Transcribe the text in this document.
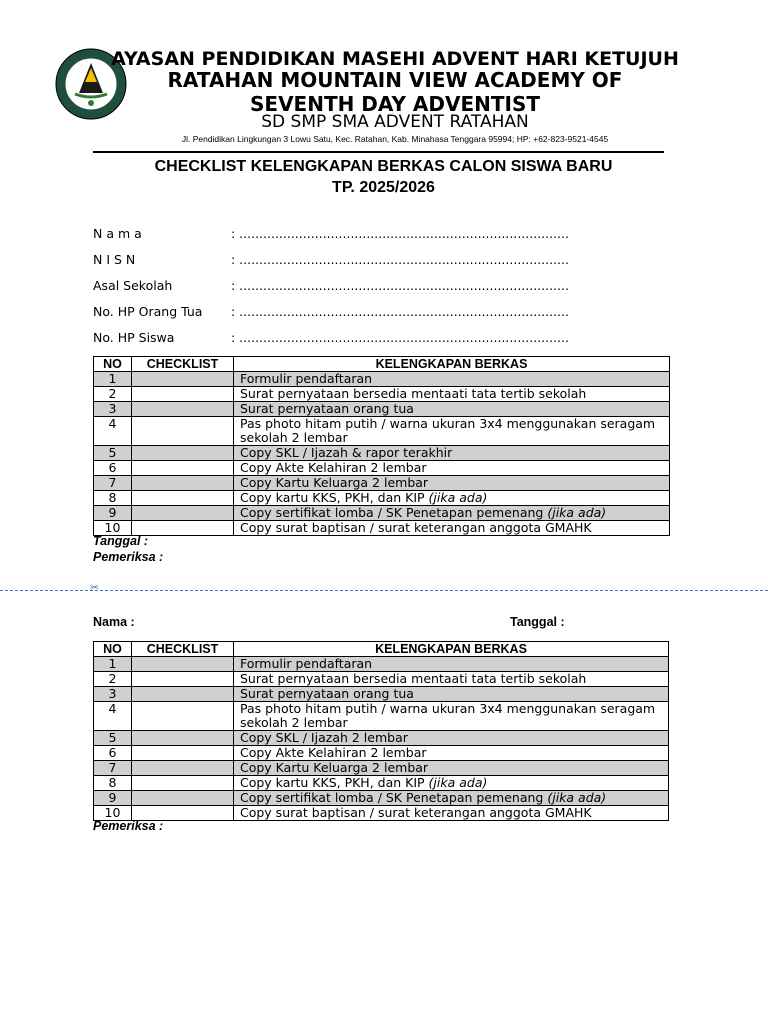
AYASAN PENDIDIKAN MASEHI ADVENT HARI KETUJUH
RATAHAN MOUNTAIN VIEW ACADEMY OF
SEVENTH DAY ADVENTIST
SD SMP SMA ADVENT RATAHAN
Jl. Pendidikan Lingkungan 3 Lowu Satu, Kec. Ratahan, Kab. Minahasa Tenggara 95994; HP: +62-823-9521-4545
CHECKLIST KELENGKAPAN BERKAS CALON SISWA BARU
TP. 2025/2026
N a m a	: ...................................................................................
N I S N	: ...................................................................................
Asal Sekolah	: ...................................................................................
No. HP Orang Tua	: ...................................................................................
No. HP Siswa	: ...................................................................................
NO	CHECKLIST	KELENGKAPAN BERKAS
1		Formulir pendaftaran
2		Surat pernyataan bersedia mentaati tata tertib sekolah
3		Surat pernyataan orang tua
4		Pas photo hitam putih / warna ukuran 3x4 menggunakan seragam sekolah 2 lembar
5		Copy SKL / Ijazah & rapor terakhir
6		Copy Akte Kelahiran 2 lembar
7		Copy Kartu Keluarga 2 lembar
8		Copy kartu KKS, PKH, dan KIP (jika ada)
9		Copy sertifikat lomba / SK Penetapan pemenang (jika ada)
10		Copy surat baptisan / surat keterangan anggota GMAHK
Tanggal :
Pemeriksa :
✂
Nama :	Tanggal :
NO	CHECKLIST	KELENGKAPAN BERKAS
1		Formulir pendaftaran
2		Surat pernyataan bersedia mentaati tata tertib sekolah
3		Surat pernyataan orang tua
4		Pas photo hitam putih / warna ukuran 3x4 menggunakan seragam sekolah 2 lembar
5		Copy SKL / Ijazah 2 lembar
6		Copy Akte Kelahiran 2 lembar
7		Copy Kartu Keluarga 2 lembar
8		Copy kartu KKS, PKH, dan KIP (jika ada)
9		Copy sertifikat lomba / SK Penetapan pemenang (jika ada)
10		Copy surat baptisan / surat keterangan anggota GMAHK
Pemeriksa :
